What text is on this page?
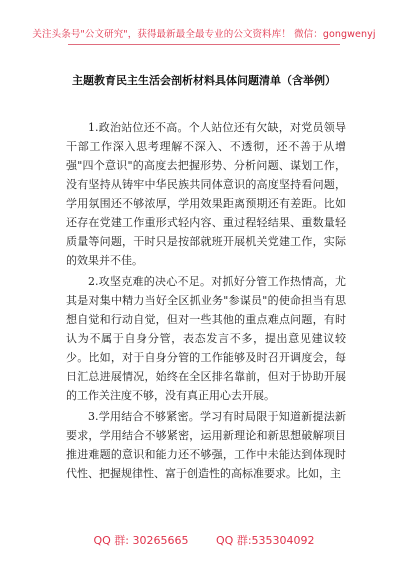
关注头条号"公文研究"，获得最新最全最专业的公文资料库！ 微信：gongwenyj
主题教育民主生活会剖析材料具体问题清单（含举例）

1.政治站位还不高。个人站位还有欠缺，对党员领导干部工作深入思考理解不深入、不透彻，还不善于从增强"四个意识"的高度去把握形势、分析问题、谋划工作，没有坚持从铸牢中华民族共同体意识的高度坚持看问题，学用氛围还不够浓厚，学用效果距离预期还有差距。比如还存在党建工作重形式轻内容、重过程轻结果、重数量轻质量等问题，干时只是按部就班开展机关党建工作，实际的效果并不佳。

2.攻坚克难的决心不足。对抓好分管工作热情高，尤其是对集中精力当好全区抓业务"参谋员"的使命担当有思想自觉和行动自觉，但对一些其他的重点难点问题，有时认为不属于自身分管，表态发言不多，提出意见建议较少。比如，对于自身分管的工作能够及时召开调度会，每日汇总进展情况，始终在全区排名靠前，但对于协助开展的工作关注度不够，没有真正用心去开展。

3.学用结合不够紧密。学习有时局限于知道新提法新要求，学用结合不够紧密，运用新理论和新思想破解项目推进难题的意识和能力还不够强，工作中未能达到体现时代性、把握规律性、富于创造性的高标准要求。比如，主

QQ 群: 30265665	QQ 群:535304092
